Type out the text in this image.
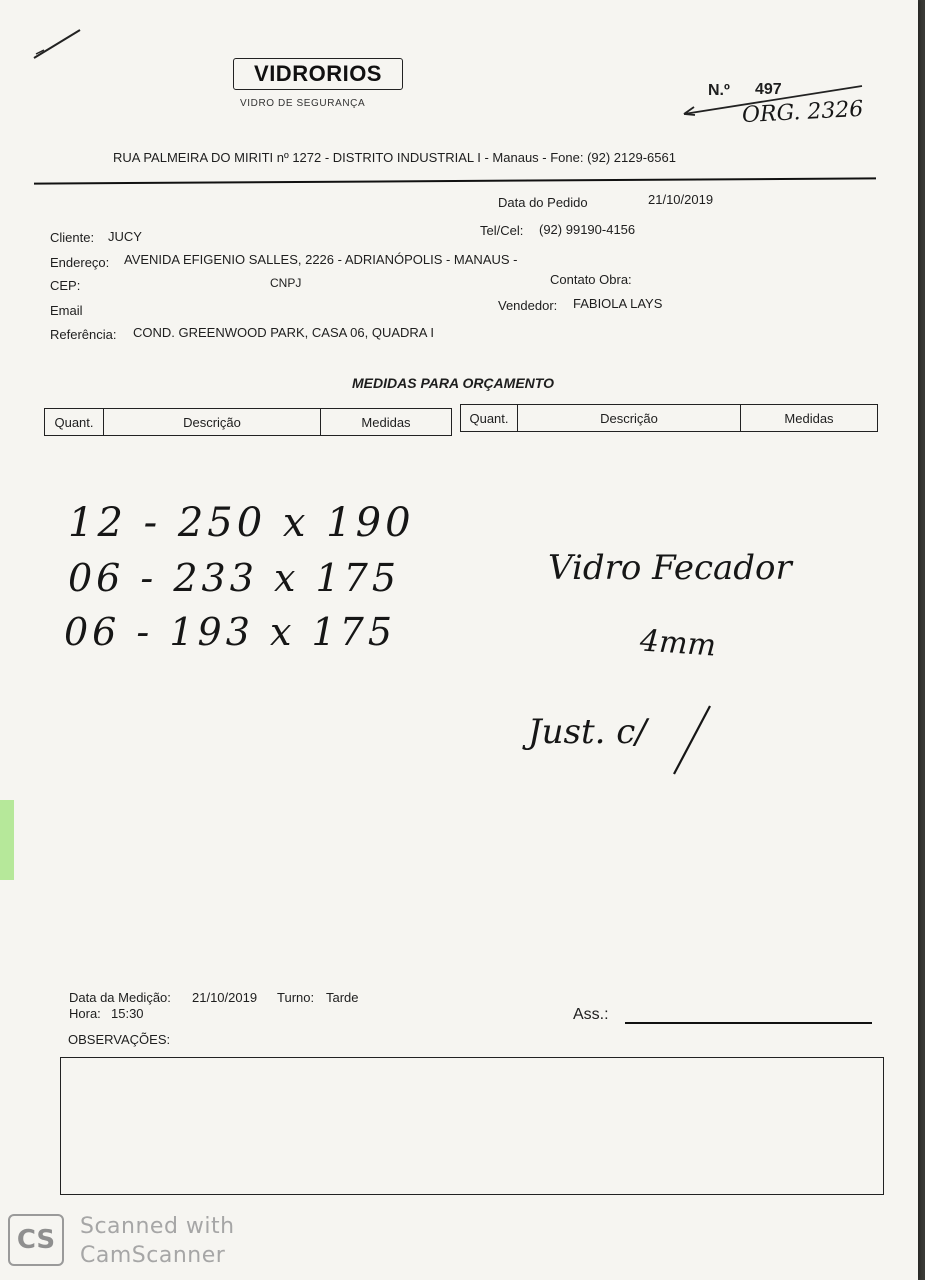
VIDRORIOS
VIDRO DE SEGURANÇA
N.º 497
ORG. 2326
RUA PALMEIRA DO MIRITI nº 1272 - DISTRITO INDUSTRIAL I - Manaus - Fone: (92) 2129-6561
Data do Pedido	21/10/2019
Cliente: JUCY	Tel/Cel: (92) 99190-4156
Endereço: AVENIDA EFIGENIO SALLES, 2226 - ADRIANÓPOLIS - MANAUS -
CEP:	CNPJ	Contato Obra:
Email	Vendedor: FABIOLA LAYS
Referência: COND. GREENWOOD PARK, CASA 06, QUADRA I
MEDIDAS PARA ORÇAMENTO
Quant.	Descrição	Medidas	Quant.	Descrição	Medidas
12 - 250 x 190
06 - 233 x 175
06 - 193 x 175
Vidro Fecador
4mm
Just. c/
Data da Medição: 21/10/2019 Turno: Tarde
Hora: 15:30	Ass.:
OBSERVAÇÕES:
CS	Scanned with
CamScanner
